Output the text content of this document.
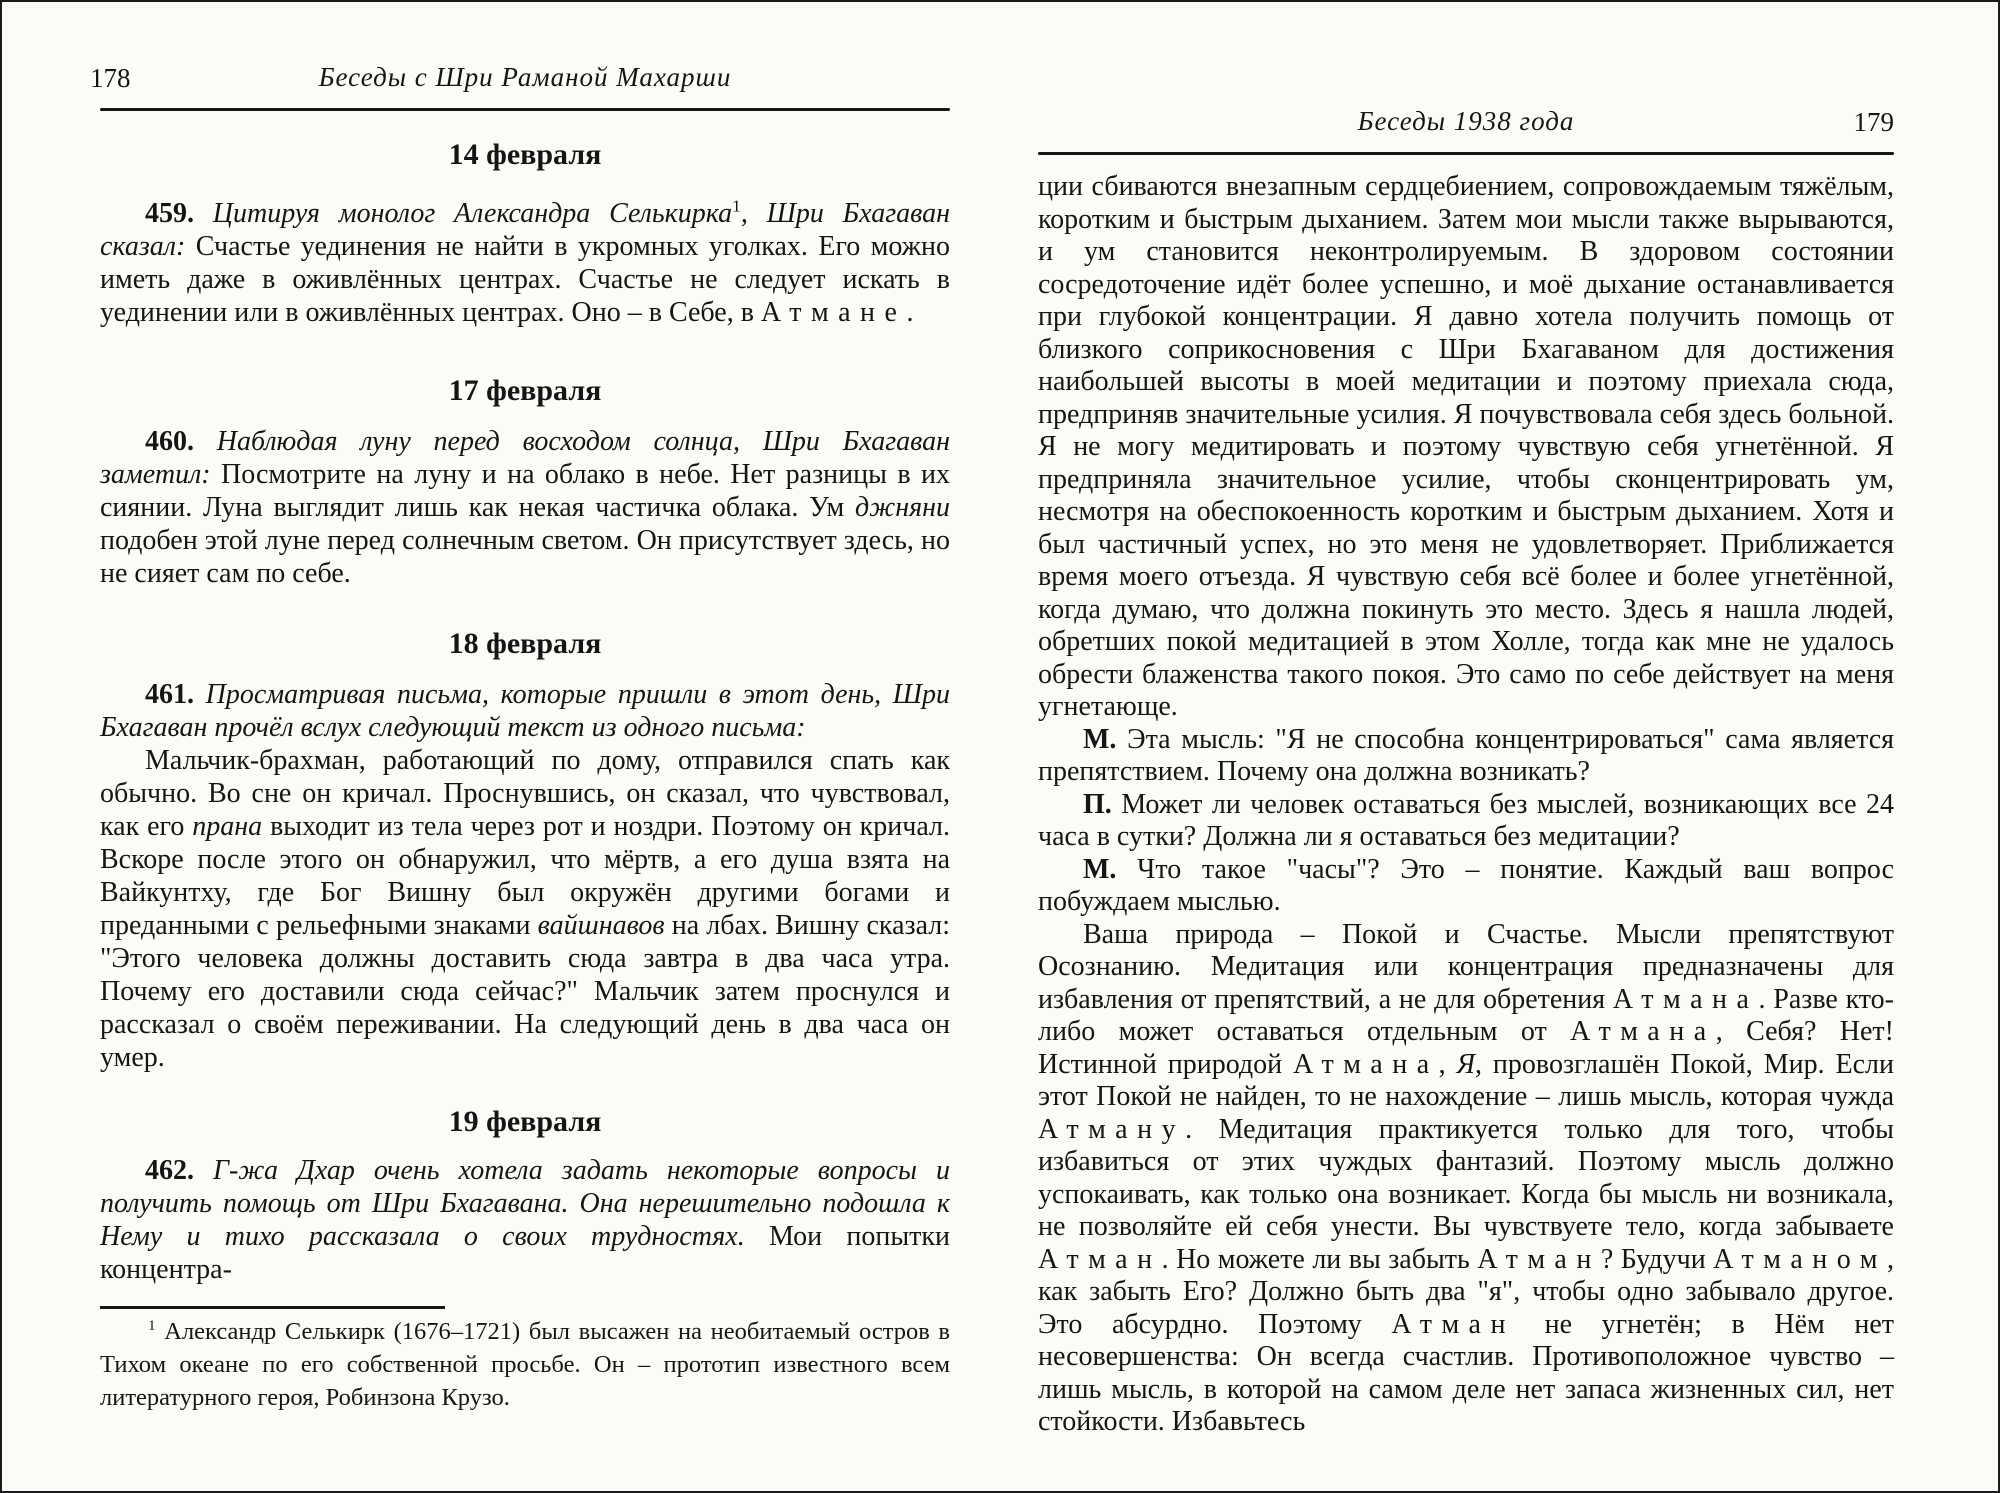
178	Беседы с Шри Раманой Махарши
14 февраля

459. Цитируя монолог Александра Селькирка$^1$, Шри Бхагаван сказал: Счастье уединения не найти в укромных уголках. Его можно иметь даже в оживлённых центрах. Счастье не следует искать в уединении или в оживлённых центрах. Оно – в Себе, в Атмане.

17 февраля

460. Наблюдая луну перед восходом солнца, Шри Бхагаван заметил: Посмотрите на луну и на облако в небе. Нет разницы в их сиянии. Луна выглядит лишь как некая частичка облака. Ум джняни подобен этой луне перед солнечным светом. Он присутствует здесь, но не сияет сам по себе.

18 февраля

461. Просматривая письма, которые пришли в этот день, Шри Бхагаван прочёл вслух следующий текст из одного письма:

Мальчик-брахман, работающий по дому, отправился спать как обычно. Во сне он кричал. Проснувшись, он сказал, что чувствовал, как его прана выходит из тела через рот и ноздри. Поэтому он кричал. Вскоре после этого он обнаружил, что мёртв, а его душа взята на Вайкунтху, где Бог Вишну был окружён другими богами и преданными с рельефными знаками вайшнавов на лбах. Вишну сказал: "Этого человека должны доставить сюда завтра в два часа утра. Почему его доставили сюда сейчас?" Мальчик затем проснулся и рассказал о своём переживании. На следующий день в два часа он умер.

19 февраля

462. Г-жа Дхар очень хотела задать некоторые вопросы и получить помощь от Шри Бхагавана. Она нерешительно подошла к Нему и тихо рассказала о своих трудностях. Мои попытки концентра-

$^1$ Александр Селькирк (1676–1721) был высажен на необитаемый остров в Тихом океане по его собственной просьбе. Он – прототип известного всем литературного героя, Робинзона Крузо.

Беседы 1938 года	179

ции сбиваются внезапным сердцебиением, сопровождаемым тяжёлым, коротким и быстрым дыханием. Затем мои мысли также вырываются, и ум становится неконтролируемым. В здоровом состоянии сосредоточение идёт более успешно, и моё дыхание останавливается при глубокой концентрации. Я давно хотела получить помощь от близкого соприкосновения с Шри Бхагаваном для достижения наибольшей высоты в моей медитации и поэтому приехала сюда, предприняв значительные усилия. Я почувствовала себя здесь больной. Я не могу медитировать и поэтому чувствую себя угнетённой. Я предприняла значительное усилие, чтобы сконцентрировать ум, несмотря на обеспокоенность коротким и быстрым дыханием. Хотя и был частичный успех, но это меня не удовлетворяет. Приближается время моего отъезда. Я чувствую себя всё более и более угнетённой, когда думаю, что должна покинуть это место. Здесь я нашла людей, обретших покой медитацией в этом Холле, тогда как мне не удалось обрести блаженства такого покоя. Это само по себе действует на меня угнетающе.

М. Эта мысль: "Я не способна концентрироваться" сама является препятствием. Почему она должна возникать?

П. Может ли человек оставаться без мыслей, возникающих все 24 часа в сутки? Должна ли я оставаться без медитации?

М. Что такое "часы"? Это – понятие. Каждый ваш вопрос побуждаем мыслью.

Ваша природа – Покой и Счастье. Мысли препятствуют Осознанию. Медитация или концентрация предназначены для избавления от препятствий, а не для обретения Атмана. Разве кто-либо может оставаться отдельным от Атмана, Себя? Нет! Истинной природой Атмана, Я, провозглашён Покой, Мир. Если этот Покой не найден, то не нахождение – лишь мысль, которая чужда Атману. Медитация практикуется только для того, чтобы избавиться от этих чуждых фантазий. Поэтому мысль должно успокаивать, как только она возникает. Когда бы мысль ни возникала, не позволяйте ей себя унести. Вы чувствуете тело, когда забываете Атман. Но можете ли вы забыть Атман? Будучи Атманом, как забыть Его? Должно быть два "я", чтобы одно забывало другое. Это абсурдно. Поэтому Атман не угнетён; в Нём нет несовершенства: Он всегда счастлив. Противоположное чувство – лишь мысль, в которой на самом деле нет запаса жизненных сил, нет стойкости. Избавьтесь
